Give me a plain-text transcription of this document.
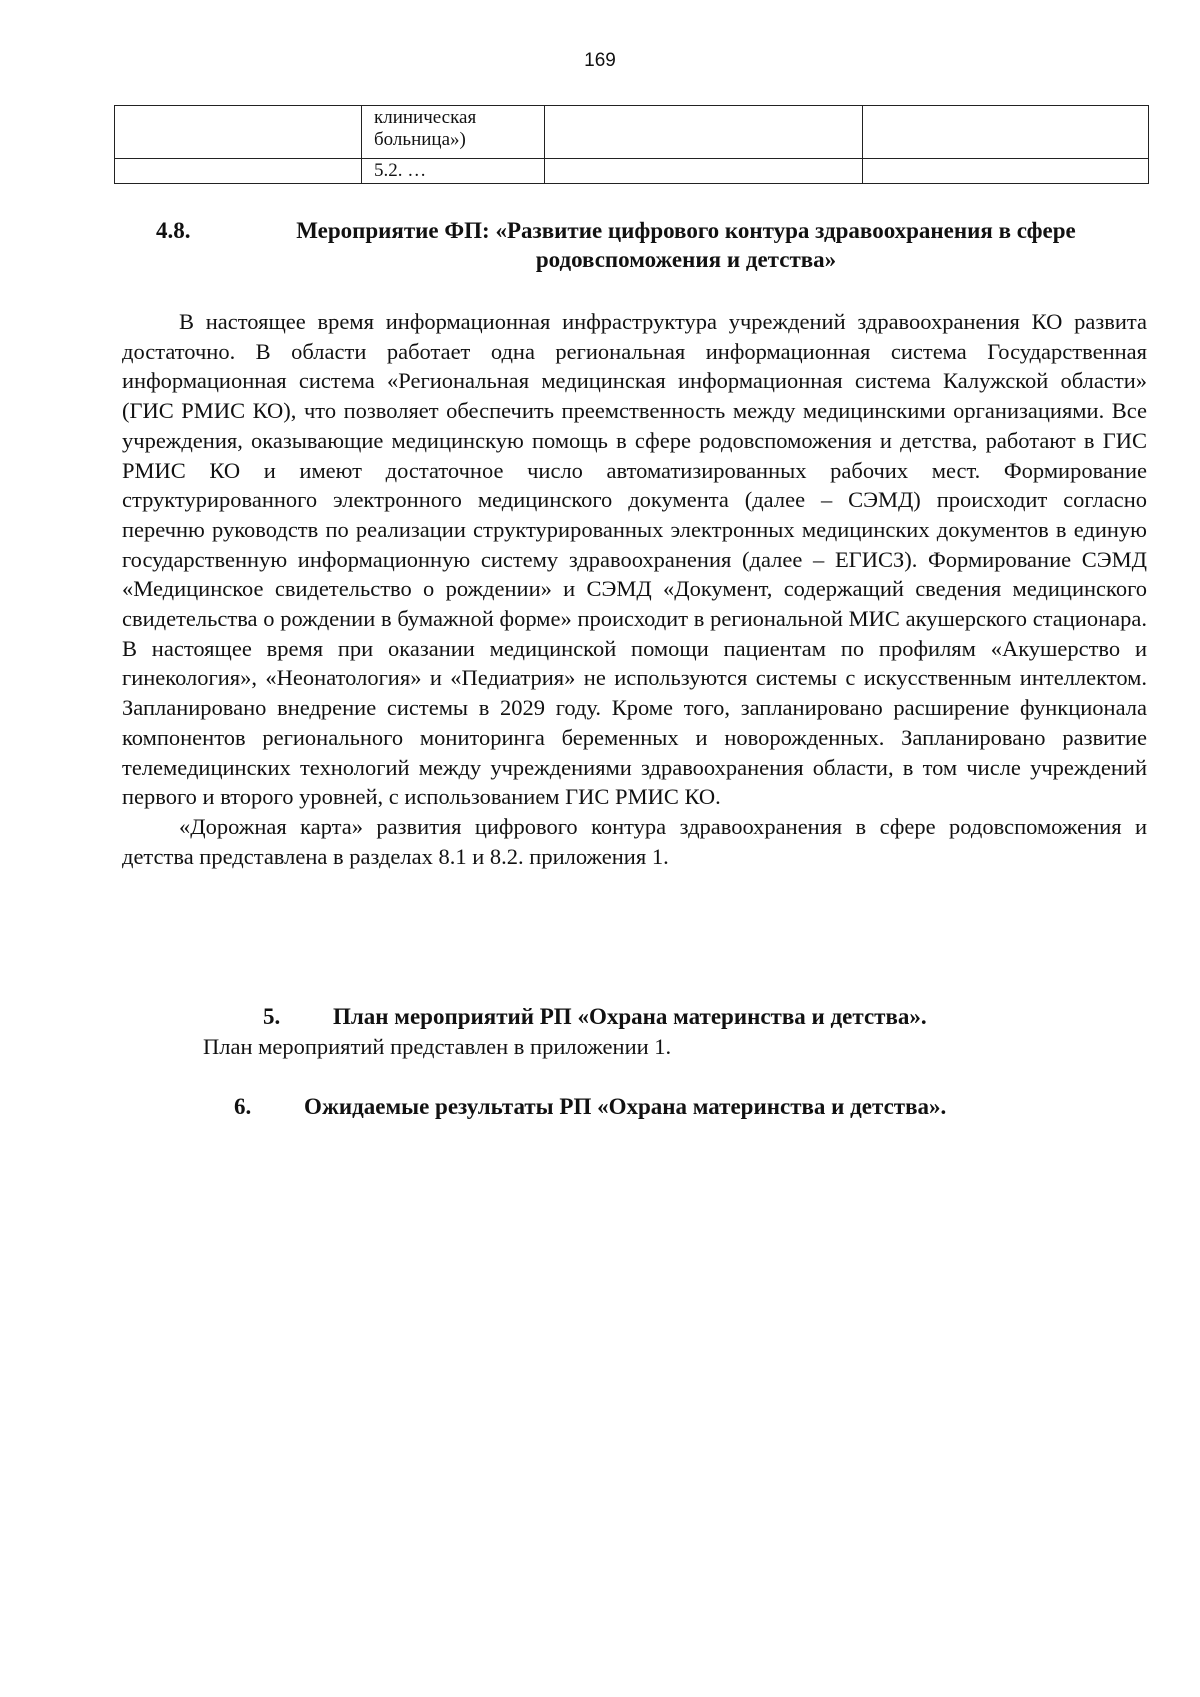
169
	клиническая больница»)		
	5.2. …		
4.8.	Мероприятие ФП: «Развитие цифрового контура здравоохранения в сфере родовспоможения и детства»

В настоящее время информационная инфраструктура учреждений здравоохранения КО развита достаточно. В области работает одна региональная информационная система Государственная информационная система «Региональная медицинская информационная система Калужской области» (ГИС РМИС КО), что позволяет обеспечить преемственность между медицинскими организациями. Все учреждения, оказывающие медицинскую помощь в сфере родовспоможения и детства, работают в ГИС РМИС КО и имеют достаточное число автоматизированных рабочих мест. Формирование структурированного электронного медицинского документа (далее – СЭМД) происходит согласно перечню руководств по реализации структурированных электронных медицинских документов в единую государственную информационную систему здравоохранения (далее – ЕГИСЗ). Формирование СЭМД «Медицинское свидетельство о рождении» и СЭМД «Документ, содержащий сведения медицинского свидетельства о рождении в бумажной форме» происходит в региональной МИС акушерского стационара. В настоящее время при оказании медицинской помощи пациентам по профилям «Акушерство и гинекология», «Неонатология» и «Педиатрия» не используются системы с искусственным интеллектом. Запланировано внедрение системы в 2029 году. Кроме того, запланировано расширение функционала компонентов регионального мониторинга беременных и новорожденных. Запланировано развитие телемедицинских технологий между учреждениями здравоохранения области, в том числе учреждений первого и второго уровней, с использованием ГИС РМИС КО.

«Дорожная карта» развития цифрового контура здравоохранения в сфере родовспоможения и детства представлена в разделах 8.1 и 8.2. приложения 1.

5. План мероприятий РП «Охрана материнства и детства».
План мероприятий представлен в приложении 1.
6. Ожидаемые результаты РП «Охрана материнства и детства».
